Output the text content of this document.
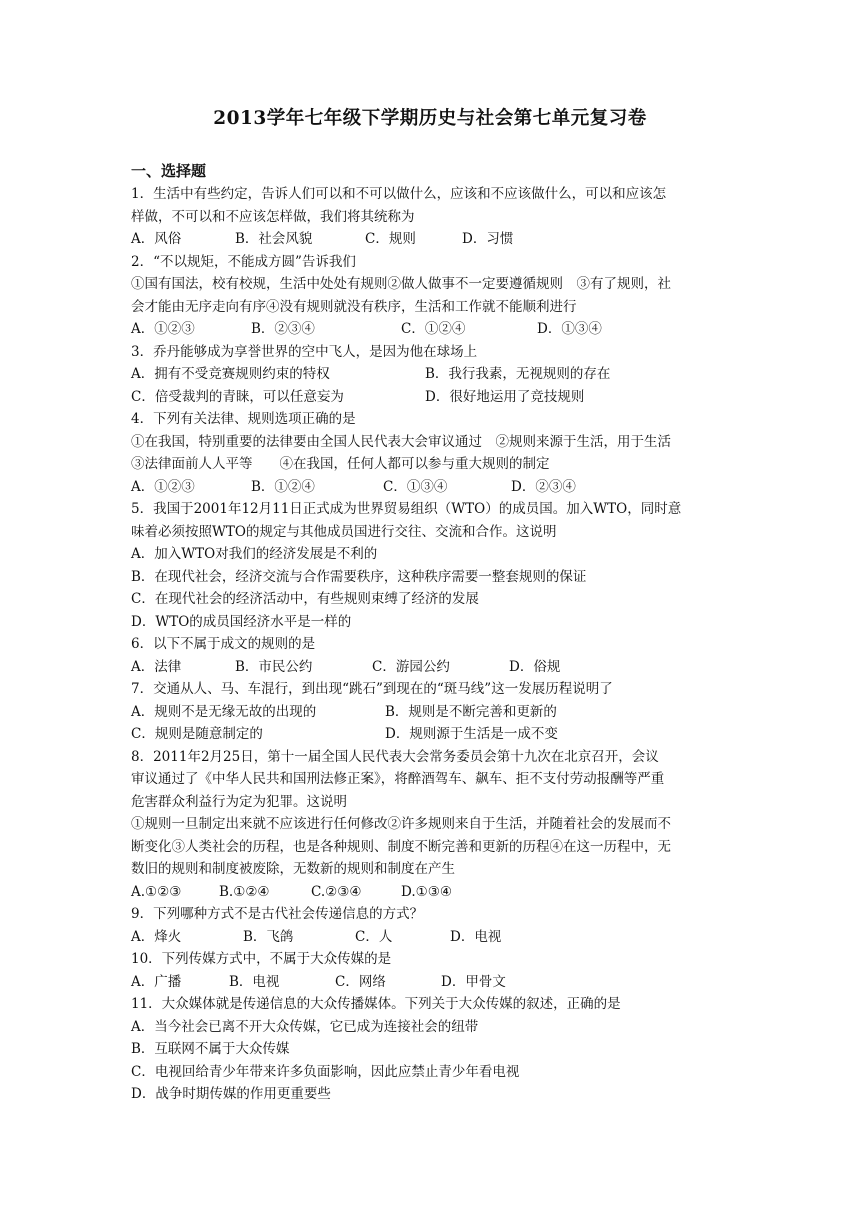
2013学年七年级下学期历史与社会第七单元复习卷
一、选择题
1．生活中有些约定，告诉人们可以和不可以做什么，应该和不应该做什么，可以和应该怎
样做，不可以和不应该怎样做，我们将其统称为
A．风俗	B．社会风貌	C．规则	D．习惯
2．“不以规矩，不能成方圆”告诉我们
①国有国法，校有校规，生活中处处有规则②做人做事不一定要遵循规则　③有了规则，社
会才能由无序走向有序④没有规则就没有秩序，生活和工作就不能顺利进行
A．①②③	B．②③④	C．①②④	D．①③④
3．乔丹能够成为享誉世界的空中飞人，是因为他在球场上
A．拥有不受竞赛规则约束的特权	B．我行我素，无视规则的存在
C．倍受裁判的青睐，可以任意妄为	D．很好地运用了竞技规则
4．下列有关法律、规则选项正确的是
①在我国，特别重要的法律要由全国人民代表大会审议通过　②规则来源于生活，用于生活
③法律面前人人平等　　④在我国，任何人都可以参与重大规则的制定
A．①②③	B．①②④	C．①③④	D．②③④
5．我国于2001年12月11日正式成为世界贸易组织（WTO）的成员国。加入WTO，同时意
味着必须按照WTO的规定与其他成员国进行交往、交流和合作。这说明
A．加入WTO对我们的经济发展是不利的
B．在现代社会，经济交流与合作需要秩序，这种秩序需要一整套规则的保证
C．在现代社会的经济活动中，有些规则束缚了经济的发展
D．WTO的成员国经济水平是一样的
6．以下不属于成文的规则的是
A．法律	B．市民公约	C．游园公约	D．俗规
7．交通从人、马、车混行，到出现“跳石”到现在的“斑马线”这一发展历程说明了
A．规则不是无缘无故的出现的	B．规则是不断完善和更新的
C．规则是随意制定的	D．规则源于生活是一成不变
8．2011年2月25日，第十一届全国人民代表大会常务委员会第十九次在北京召开，会议
审议通过了《中华人民共和国刑法修正案》，将醉酒驾车、飙车、拒不支付劳动报酬等严重
危害群众利益行为定为犯罪。这说明
①规则一旦制定出来就不应该进行任何修改②许多规则来自于生活，并随着社会的发展而不
断变化③人类社会的历程，也是各种规则、制度不断完善和更新的历程④在这一历程中，无
数旧的规则和制度被废除，无数新的规则和制度在产生
A.①②③	B.①②④	C.②③④	D.①③④
9．下列哪种方式不是古代社会传递信息的方式？
A．烽火	B．飞鸽	C．人	D．电视
10．下列传媒方式中，不属于大众传媒的是
A．广播	B．电视	C．网络	D．甲骨文
11．大众媒体就是传递信息的大众传播媒体。下列关于大众传媒的叙述，正确的是
A．当今社会已离不开大众传媒，它已成为连接社会的纽带
B．互联网不属于大众传媒
C．电视回给青少年带来许多负面影响，因此应禁止青少年看电视
D．战争时期传媒的作用更重要些
